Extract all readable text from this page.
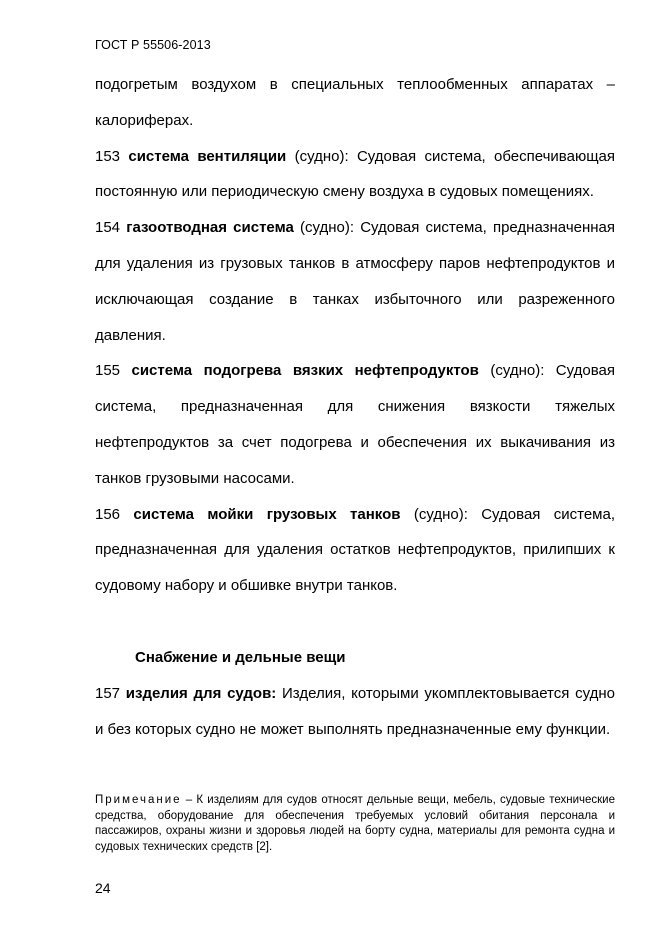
ГОСТ Р 55506-2013

подогретым воздухом в специальных теплообменных аппаратах – калориферах.

153 система вентиляции (судно): Судовая система, обеспечивающая постоянную или периодическую смену воздуха в судовых помещениях.

154 газоотводная система (судно): Судовая система, предназначенная для удаления из грузовых танков в атмосферу паров нефтепродуктов и исключающая создание в танках избыточного или разреженного давления.

155 система подогрева вязких нефтепродуктов (судно): Судовая система, предназначенная для снижения вязкости тяжелых нефтепродуктов за счет подогрева и обеспечения их выкачивания из танков грузовыми насосами.

156 система мойки грузовых танков (судно): Судовая система, предназначенная для удаления остатков нефтепродуктов, прилипших к судовому набору и обшивке внутри танков.

Снабжение и дельные вещи

157 изделия для судов: Изделия, которыми укомплектовывается судно и без которых судно не может выполнять предназначенные ему функции.

Примечание – К изделиям для судов относят дельные вещи, мебель, судовые технические средства, оборудование для обеспечения требуемых условий обитания персонала и пассажиров, охраны жизни и здоровья людей на борту судна, материалы для ремонта судна и судовых технических средств [2].
24
